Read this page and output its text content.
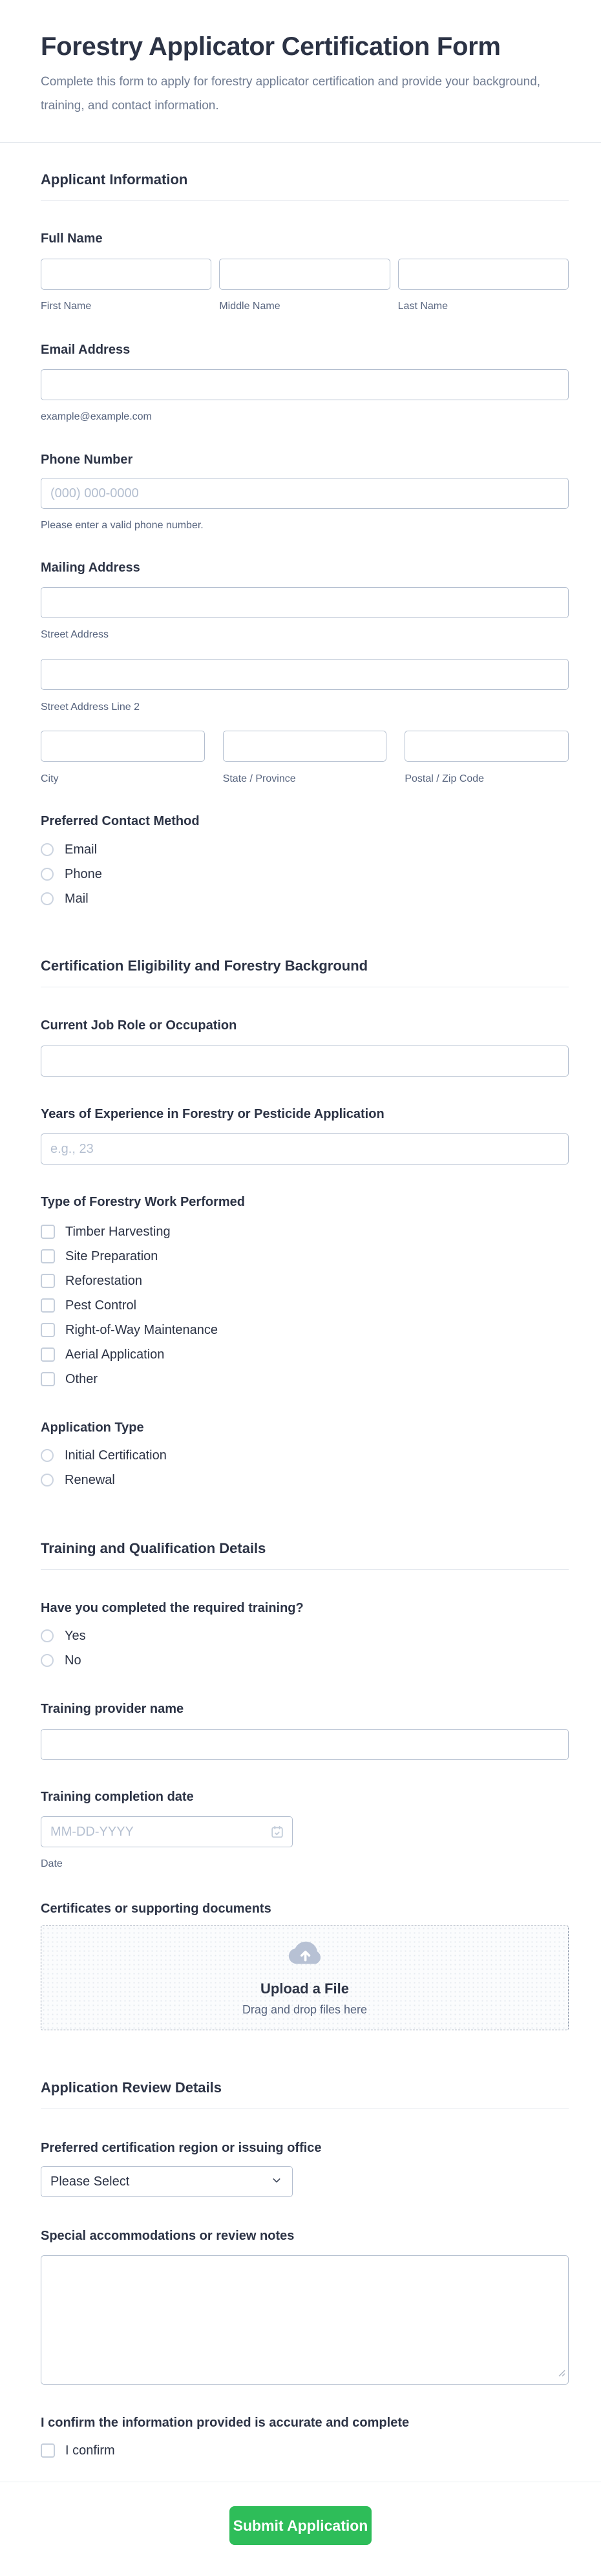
Forestry Applicator Certification Form

Complete this form to apply for forestry applicator certification and provide your background, training, and contact information.

Applicant Information
Full Name
First Name	Middle Name	Last Name
Email Address
example@example.com
Phone Number
(000) 000-0000
Please enter a valid phone number.
Mailing Address
Street Address
Street Address Line 2
City	State / Province	Postal / Zip Code
Preferred Contact Method
Email
Phone
Mail
Certification Eligibility and Forestry Background
Current Job Role or Occupation
Years of Experience in Forestry or Pesticide Application
e.g., 23
Type of Forestry Work Performed
Timber Harvesting
Site Preparation
Reforestation
Pest Control
Right-of-Way Maintenance
Aerial Application
Other
Application Type
Initial Certification
Renewal
Training and Qualification Details
Have you completed the required training?
Yes
No
Training provider name
Training completion date
MM-DD-YYYY
Date
Certificates or supporting documents
Upload a File
Drag and drop files here
Application Review Details
Preferred certification region or issuing office
Please Select
Special accommodations or review notes
I confirm the information provided is accurate and complete
I confirm
Submit Application
